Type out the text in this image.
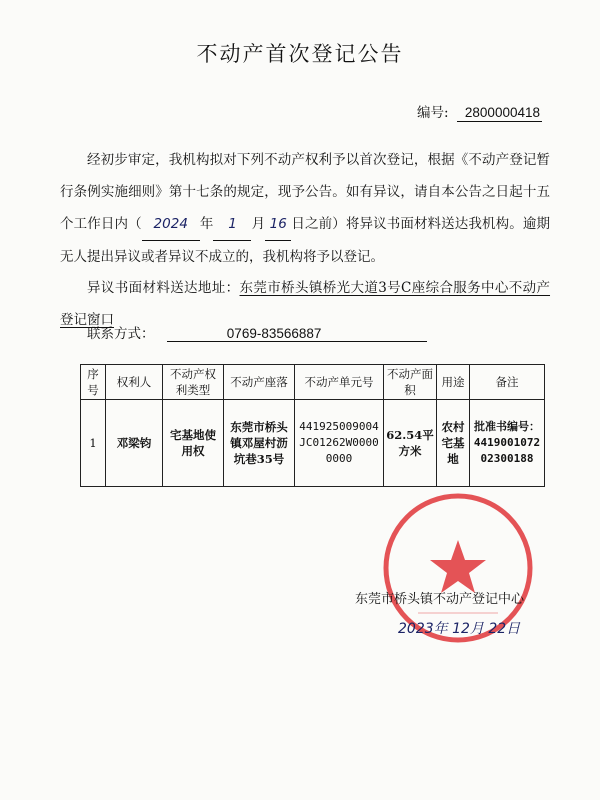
不动产首次登记公告
编号: 2800000418
经初步审定，我机构拟对下列不动产权利予以首次登记，根据《不动产登记暂行条例实施细则》第十七条的规定，现予公告。如有异议，请自本公告之日起十五个工作日内（ 2024 年 1 月 16 日之前）将异议书面材料送达我机构。逾期无人提出异议或者异议不成立的，我机构将予以登记。
异议书面材料送达地址：东莞市桥头镇桥光大道3号C座综合服务中心不动产登记窗口
联系方式：	0769-83566887
序号	权利人	不动产权利类型	不动产座落	不动产单元号	不动产面积	用途	备注
1	邓梁钧	宅基地使用权	东莞市桥头镇邓屋村沥坑巷35号	441925009004JC01262W00000000	62.54平方米	农村宅基地	批准书编号：441900107202300188
东莞市桥头镇不动产登记中心
2023年 12月 22日
